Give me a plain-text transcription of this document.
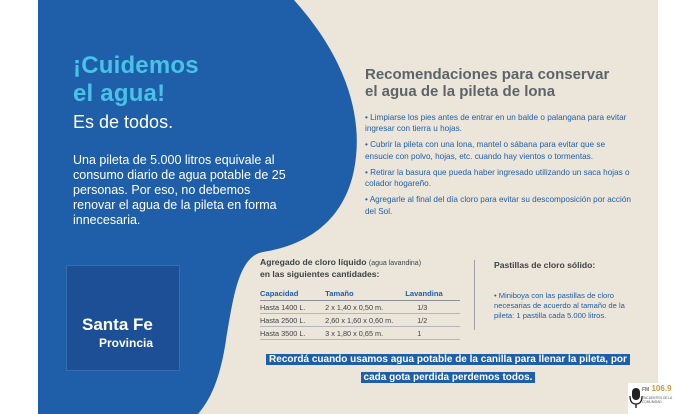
¡Cuidemos
el agua!

Es de todos.

Una pileta de 5.000 litros equivale al consumo diario de agua potable de 25 personas. Por eso, no debemos renovar el agua de la pileta en forma innecesaria.

Santa Fe
Provincia
Recomendaciones para conservar
el agua de la pileta de lona
• Limpiarse los pies antes de entrar en un balde o palangana para evitar ingresar con tierra u hojas.
• Cubrir la pileta con una lona, mantel o sábana para evitar que se ensucie con polvo, hojas, etc. cuando hay vientos o tormentas.
• Retirar la basura que pueda haber ingresado utilizando un saca hojas o colador hogareño.
• Agregarle al final del día cloro para evitar su descomposición por acción del Sol.

Agregado de cloro líquido (agua lavandina)
en las siguientes cantidades:

Capacidad	Tamaño	Lavandina
Hasta 1400 L.	2 x 1,40 x 0,50 m.	1/3
Hasta 2500 L.	2,60 x 1,60 x 0,60 m.	1/2
Hasta 3500 L.	3 x 1,80 x 0,65 m.	1

Pastillas de cloro sólido:

• Miniboya con las pastillas de cloro necesarias de acuerdo al tamaño de la pileta: 1 pastilla cada 5.000 litros.

Recordá cuando usamos agua potable de la canilla para llenar la pileta, por cada gota perdida perdemos todos.
FM 106.9
ENCUENTRO DE LA COMUNIDAD
